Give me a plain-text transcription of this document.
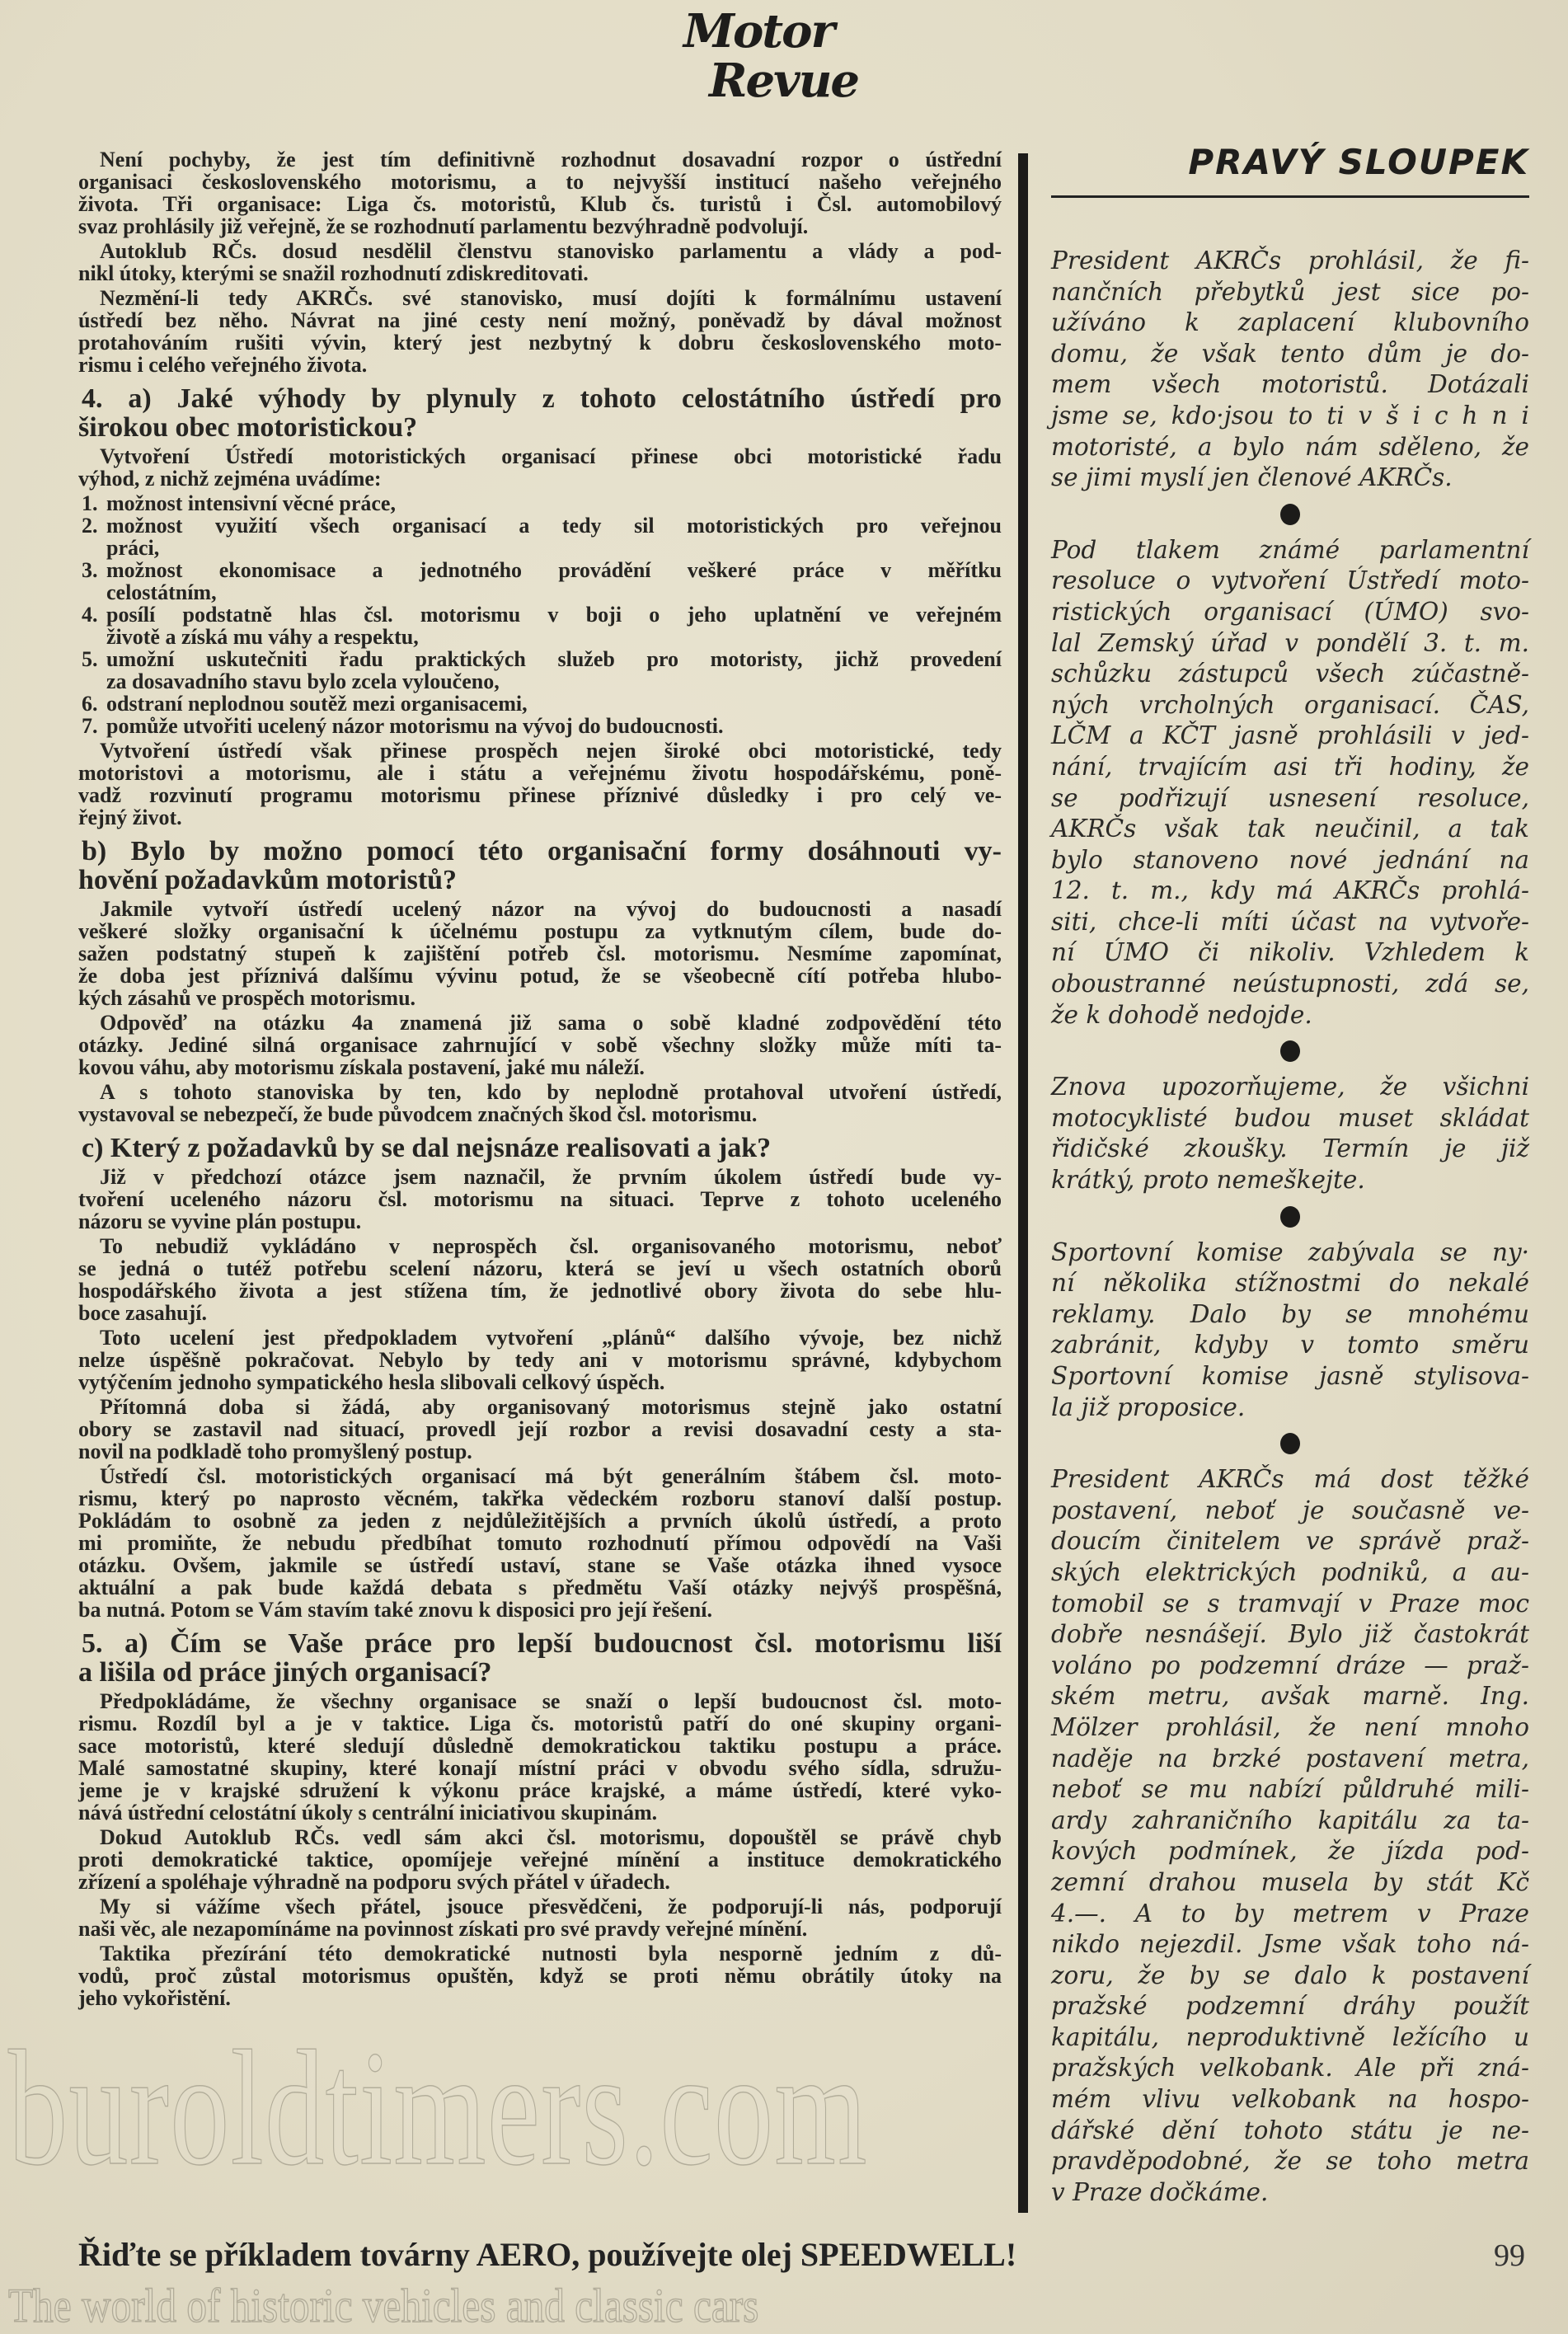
Motor
Revue
Není pochyby, že jest tím definitivně rozhodnut dosavadní rozpor o ústřední
organisaci československého motorismu, a to nejvyšší institucí našeho veřejného
života. Tři organisace: Liga čs. motoristů, Klub čs. turistů i Čsl. automobilový
svaz prohlásily již veřejně, že se rozhodnutí parlamentu bezvýhradně podvolují.
Autoklub RČs. dosud nesdělil členstvu stanovisko parlamentu a vlády a pod-
nikl útoky, kterými se snažil rozhodnutí zdiskreditovati.
Nezmění-li tedy AKRČs. své stanovisko, musí dojíti k formálnímu ustavení
ústředí bez něho. Návrat na jiné cesty není možný, poněvadž by dával možnost
protahováním rušiti vývin, který jest nezbytný k dobru československého moto-
rismu i celého veřejného života.
4. a) Jaké výhody by plynuly z tohoto celostátního ústředí pro
širokou obec motoristickou?
Vytvoření Ústředí motoristických organisací přinese obci motoristické řadu
výhod, z nichž zejména uvádíme:
1. možnost intensivní věcné práce,
2. možnost využití všech organisací a tedy sil motoristických pro veřejnou
práci,
3. možnost ekonomisace a jednotného provádění veškeré práce v měřítku
celostátním,
4. posílí podstatně hlas čsl. motorismu v boji o jeho uplatnění ve veřejném
životě a získá mu váhy a respektu,
5. umožní uskutečniti řadu praktických služeb pro motoristy, jichž provedení
za dosavadního stavu bylo zcela vyloučeno,
6. odstraní neplodnou soutěž mezi organisacemi,
7. pomůže utvořiti ucelený názor motorismu na vývoj do budoucnosti.
Vytvoření ústředí však přinese prospěch nejen široké obci motoristické, tedy
motoristovi a motorismu, ale i státu a veřejnému životu hospodářskému, poně-
vadž rozvinutí programu motorismu přinese příznivé důsledky i pro celý ve-
řejný život.
b) Bylo by možno pomocí této organisační formy dosáhnouti vy-
hovění požadavkům motoristů?
Jakmile vytvoří ústředí ucelený názor na vývoj do budoucnosti a nasadí
veškeré složky organisační k účelnému postupu za vytknutým cílem, bude do-
sažen podstatný stupeň k zajištění potřeb čsl. motorismu. Nesmíme zapomínat,
že doba jest příznivá dalšímu vývinu potud, že se všeobecně cítí potřeba hlubo-
kých zásahů ve prospěch motorismu.
Odpověď na otázku 4a znamená již sama o sobě kladné zodpovědění této
otázky. Jediné silná organisace zahrnující v sobě všechny složky může míti ta-
kovou váhu, aby motorismu získala postavení, jaké mu náleží.
A s tohoto stanoviska by ten, kdo by neplodně protahoval utvoření ústředí,
vystavoval se nebezpečí, že bude původcem značných škod čsl. motorismu.
c) Který z požadavků by se dal nejsnáze realisovati a jak?
Již v předchozí otázce jsem naznačil, že prvním úkolem ústředí bude vy-
tvoření uceleného názoru čsl. motorismu na situaci. Teprve z tohoto uceleného
názoru se vyvine plán postupu.
To nebudiž vykládáno v neprospěch čsl. organisovaného motorismu, neboť
se jedná o tutéž potřebu scelení názoru, která se jeví u všech ostatních oborů
hospodářského života a jest stížena tím, že jednotlivé obory života do sebe hlu-
boce zasahují.
Toto ucelení jest předpokladem vytvoření „plánů“ dalšího vývoje, bez nichž
nelze úspěšně pokračovat. Nebylo by tedy ani v motorismu správné, kdybychom
vytýčením jednoho sympatického hesla slibovali celkový úspěch.
Přítomná doba si žádá, aby organisovaný motorismus stejně jako ostatní
obory se zastavil nad situací, provedl její rozbor a revisi dosavadní cesty a sta-
novil na podkladě toho promyšlený postup.
Ústředí čsl. motoristických organisací má být generálním štábem čsl. moto-
rismu, který po naprosto věcném, takřka vědeckém rozboru stanoví další postup.
Pokládám to osobně za jeden z nejdůležitějších a prvních úkolů ústředí, a proto
mi promiňte, že nebudu předbíhat tomuto rozhodnutí přímou odpovědí na Vaši
otázku. Ovšem, jakmile se ústředí ustaví, stane se Vaše otázka ihned vysoce
aktuální a pak bude každá debata s předmětu Vaší otázky nejvýš prospěšná,
ba nutná. Potom se Vám stavím také znovu k disposici pro její řešení.
5. a) Čím se Vaše práce pro lepší budoucnost čsl. motorismu liší
a lišila od práce jiných organisací?
Předpokládáme, že všechny organisace se snaží o lepší budoucnost čsl. moto-
rismu. Rozdíl byl a je v taktice. Liga čs. motoristů patří do oné skupiny organi-
sace motoristů, které sledují důsledně demokratickou taktiku postupu a práce.
Malé samostatné skupiny, které konají místní práci v obvodu svého sídla, sdružu-
jeme je v krajské sdružení k výkonu práce krajské, a máme ústředí, které vyko-
nává ústřední celostátní úkoly s centrální iniciativou skupinám.
Dokud Autoklub RČs. vedl sám akci čsl. motorismu, dopouštěl se právě chyb
proti demokratické taktice, opomíjeje veřejné mínění a instituce demokratického
zřízení a spoléhaje výhradně na podporu svých přátel v úřadech.
My si vážíme všech přátel, jsouce přesvědčeni, že podporují-li nás, podporují
naši věc, ale nezapomínáme na povinnost získati pro své pravdy veřejné mínění.
Taktika přezírání této demokratické nutnosti byla nesporně jedním z dů-
vodů, proč zůstal motorismus opuštěn, když se proti němu obrátily útoky na
jeho vykořistění.
PRAVÝ SLOUPEK
President AKRČs prohlásil, že fi-
nančních přebytků jest sice po-
užíváno k zaplacení klubovního
domu, že však tento dům je do-
mem všech motoristů. Dotázali
jsme se, kdo·jsou to ti v š i c h n i
motoristé, a bylo nám sděleno, že
se jimi myslí jen členové AKRČs.
Pod tlakem známé parlamentní
resoluce o vytvoření Ústředí moto-
ristických organisací (ÚMO) svo-
lal Zemský úřad v pondělí 3. t. m.
schůzku zástupců všech zúčastně-
ných vrcholných organisací. ČAS,
LČM a KČT jasně prohlásili v jed-
nání, trvajícím asi tři hodiny, že
se podřizují usnesení resoluce,
AKRČs však tak neučinil, a tak
bylo stanoveno nové jednání na
12. t. m., kdy má AKRČs prohlá-
siti, chce-li míti účast na vytvoře-
ní ÚMO či nikoliv. Vzhledem k
oboustranné neústupnosti, zdá se,
že k dohodě nedojde.
Znova upozorňujeme, že všichni
motocyklisté budou muset skládat
řidičské zkoušky. Termín je již
krátký, proto nemeškejte.
Sportovní komise zabývala se ny·
ní několika stížnostmi do nekalé
reklamy. Dalo by se mnohému
zabránit, kdyby v tomto směru
Sportovní komise jasně stylisova-
la již proposice.
President AKRČs má dost těžké
postavení, neboť je současně ve-
doucím činitelem ve správě praž-
ských elektrických podniků, a au-
tomobil se s tramvají v Praze moc
dobře nesnášejí. Bylo již častokrát
voláno po podzemní dráze — praž-
ském metru, avšak marně. Ing.
Mölzer prohlásil, že není mnoho
naděje na brzké postavení metra,
neboť se mu nabízí půldruhé mili-
ardy zahraničního kapitálu za ta-
kových podmínek, že jízda pod-
zemní drahou musela by stát Kč
4.—. A to by metrem v Praze
nikdo nejezdil. Jsme však toho ná-
zoru, že by se dalo k postavení
pražské podzemní dráhy použít
kapitálu, neproduktivně ležícího u
pražských velkobank. Ale při zná-
mém vlivu velkobank na hospo-
dářské dění tohoto státu je ne-
pravděpodobné, že se toho metra
v Praze dočkáme.
Řiďte se příkladem továrny AERO, používejte olej SPEEDWELL!	99
